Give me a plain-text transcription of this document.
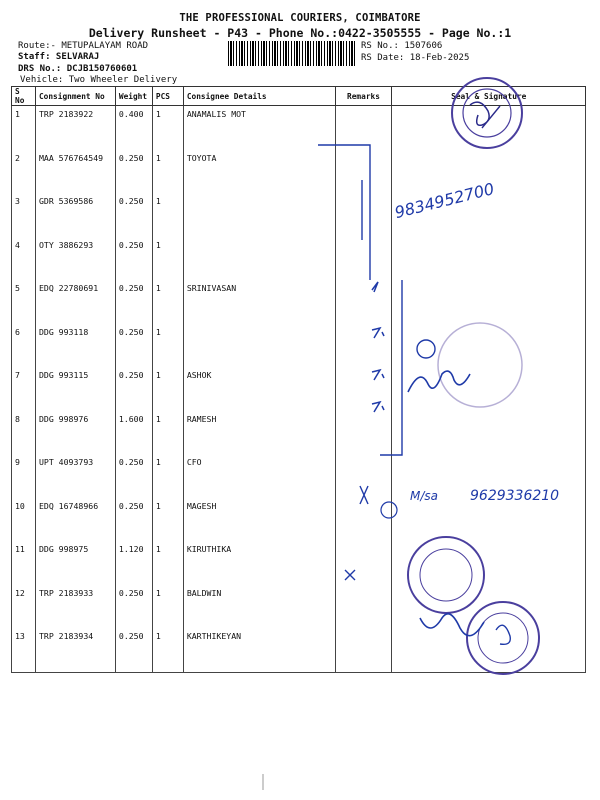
THE PROFESSIONAL COURIERS, COIMBATORE
Delivery Runsheet - P43 - Phone No.:0422-3505555 - Page No.:1
Route:- METUPALAYAM ROAD
Staff: SELVARAJ
DRS No.: DCJB150760601
Vehicle: Two Wheeler Delivery
RS No.: 1507606
RS Date: 18-Feb-2025
S No	Consignment No	Weight	PCS	Consignee Details	Remarks	Seal & Signature
1	TRP 2183922	0.400	1	ANAMALIS MOT		
2	MAA 576764549	0.250	1	TOYOTA		
3	GDR 5369586	0.250	1			
4	OTY 3886293	0.250	1			
5	EDQ 22780691	0.250	1	SRINIVASAN		
6	DDG 993118	0.250	1			
7	DDG 993115	0.250	1	ASHOK		
8	DDG 998976	1.600	1	RAMESH		
9	UPT 4093793	0.250	1	CFO		
10	EDQ 16748966	0.250	1	MAGESH		
11	DDG 998975	1.120	1	KIRUTHIKA		
12	TRP 2183933	0.250	1	BALDWIN		
13	TRP 2183934	0.250	1	KARTHIKEYAN		
9834952700
M/sa 9629336210
